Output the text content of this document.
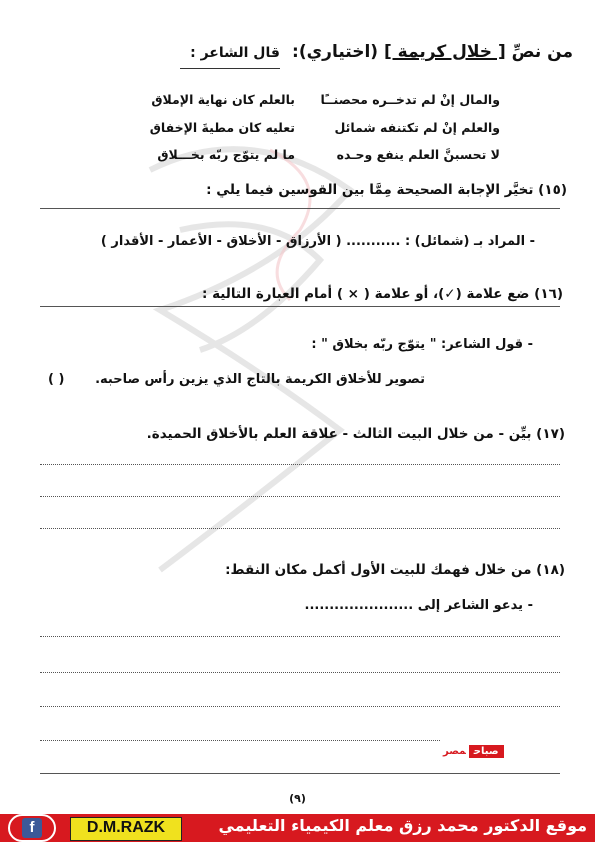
من نصِّ [ خلال كريمة ] (اختياري):
قال الشاعر :
والمال إنْ لم تدخــره محصنــًا
بالعلم كان نهاية الإملاق
والعلم إنْ لم تكتنفه شمائل
تعليه كان مطيةَ الإخفاق
لا تحسبنَّ العلم ينفع وحـده
ما لم يتوّج ربّه بخـــلاق
(١٥) تخيَّر الإجابة الصحيحة مِمَّا بين القوسين فيما يلي :
- المراد بـ (شمائل) : ........... ( الأرزاق - الأخلاق - الأعمار - الأقدار )
(١٦) ضع علامة (✓)، أو علامة ( × ) أمام العبارة التالية :
- قول الشاعر: " يتوّج ربّه بخلاق " :
تصوير للأخلاق الكريمة بالتاج الذي يزين رأس صاحبه.
( )
(١٧) بيِّن - من خلال البيت الثالث - علاقة العلم بالأخلاق الحميدة.
(١٨) من خلال فهمك للبيت الأول أكمل مكان النقط:
- يدعو الشاعر إلى ......................
صباحمصر
(٩)
موقع الدكتور محمد رزق معلم الكيمياء التعليمي
D.M.RAZK
f
